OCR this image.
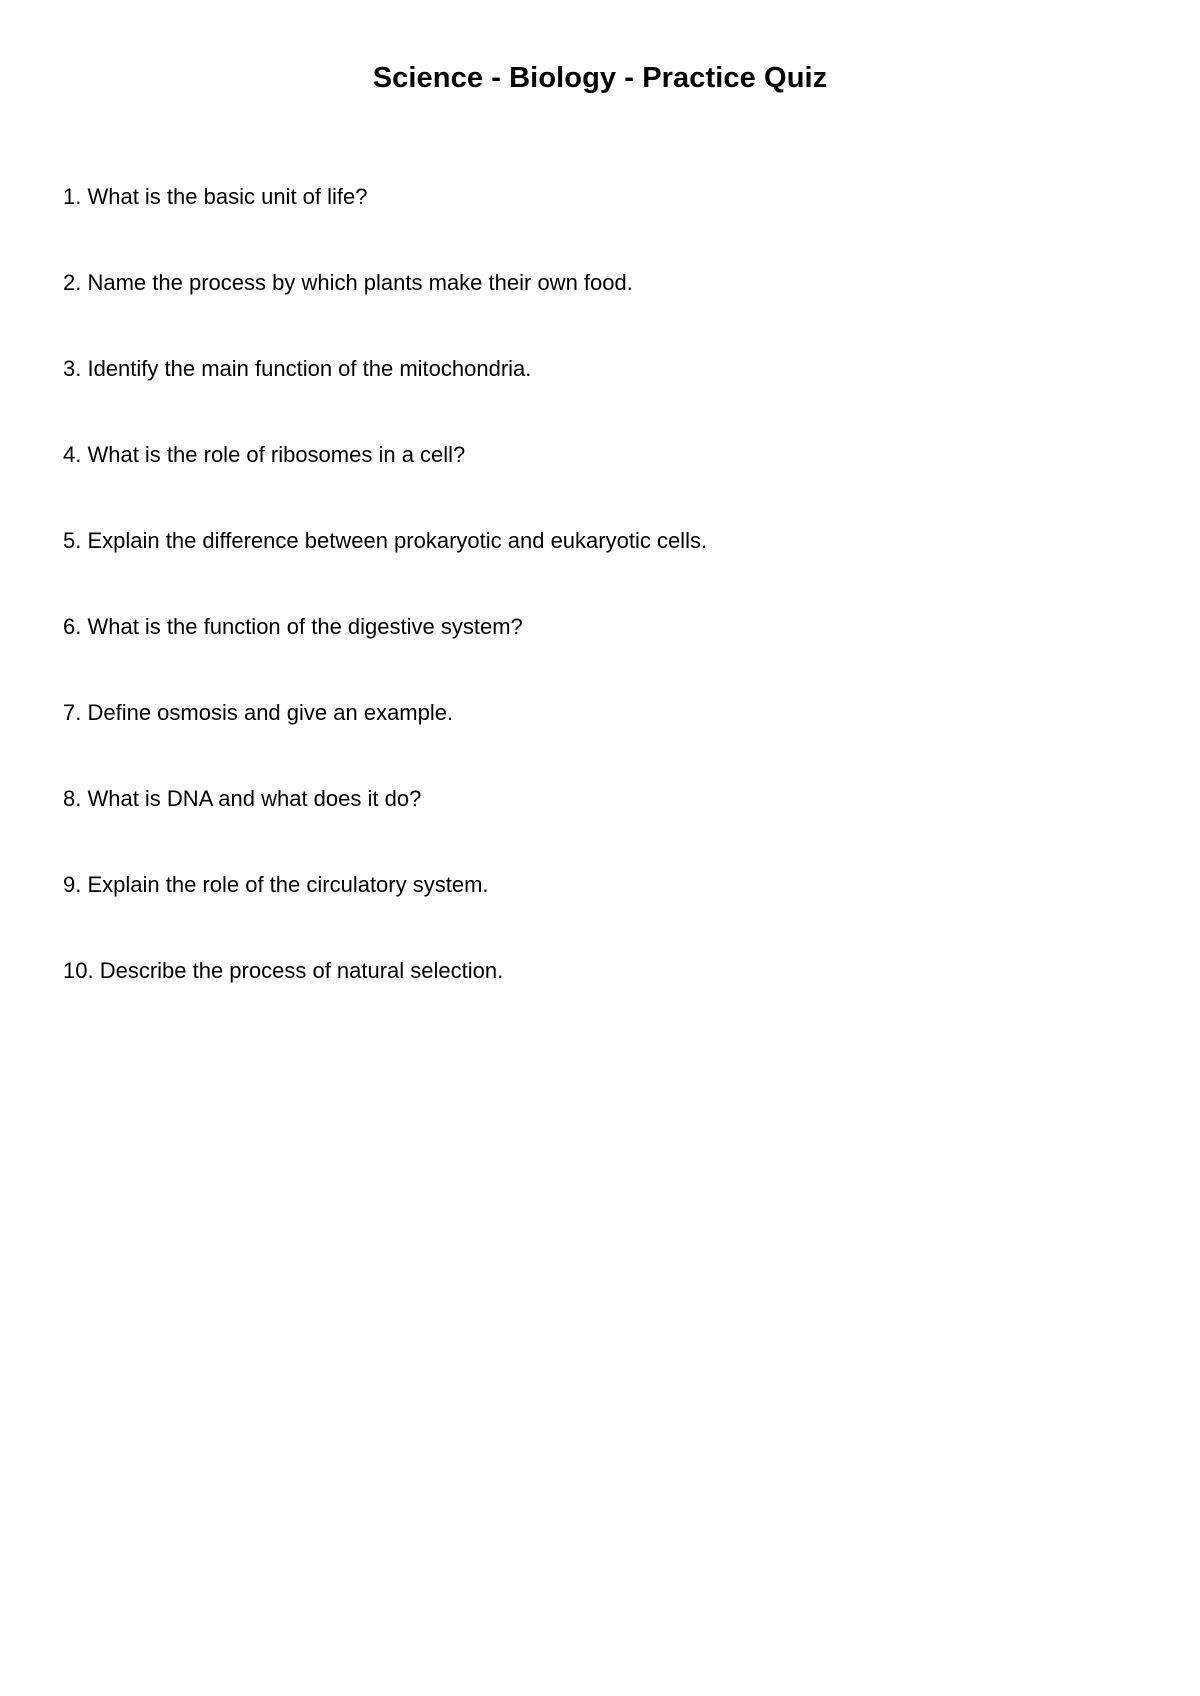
Science - Biology - Practice Quiz
1. What is the basic unit of life?
2. Name the process by which plants make their own food.
3. Identify the main function of the mitochondria.
4. What is the role of ribosomes in a cell?
5. Explain the difference between prokaryotic and eukaryotic cells.
6. What is the function of the digestive system?
7. Define osmosis and give an example.
8. What is DNA and what does it do?
9. Explain the role of the circulatory system.
10. Describe the process of natural selection.
